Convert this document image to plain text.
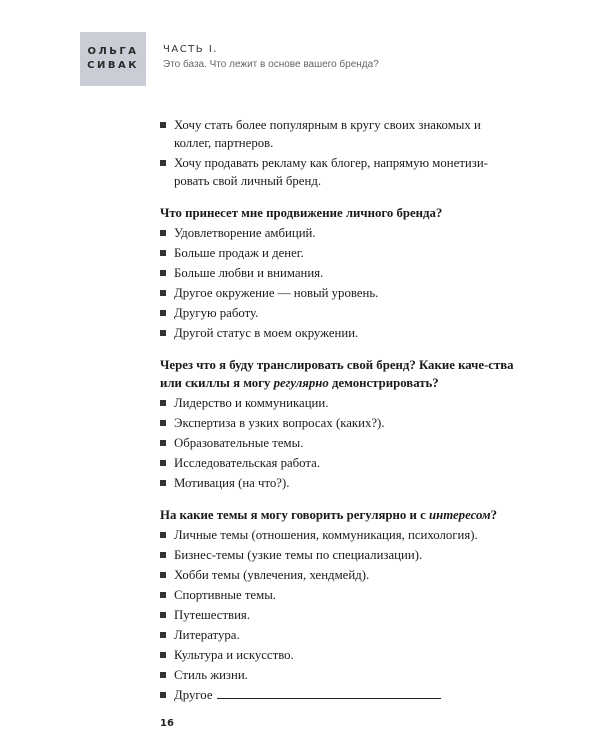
ОЛЬГА
СИВАК
ЧАСТЬ I.
Это база. Что лежит в основе вашего бренда?
Хочу стать более популярным в кругу своих знакомых и коллег, партнеров.
Хочу продавать рекламу как блогер, напрямую монетизи-ровать свой личный бренд.
Что принесет мне продвижение личного бренда?
Удовлетворение амбиций.
Больше продаж и денег.
Больше любви и внимания.
Другое окружение — новый уровень.
Другую работу.
Другой статус в моем окружении.
Через что я буду транслировать свой бренд? Какие каче-ства или скиллы я могу регулярно демонстрировать?
Лидерство и коммуникации.
Экспертиза в узких вопросах (каких?).
Образовательные темы.
Исследовательская работа.
Мотивация (на что?).
На какие темы я могу говорить регулярно и с интересом?
Личные темы (отношения, коммуникация, психология).
Бизнес-темы (узкие темы по специализации).
Хобби темы (увлечения, хендмейд).
Спортивные темы.
Путешествия.
Литература.
Культура и искусство.
Стиль жизни.
Другое
16
